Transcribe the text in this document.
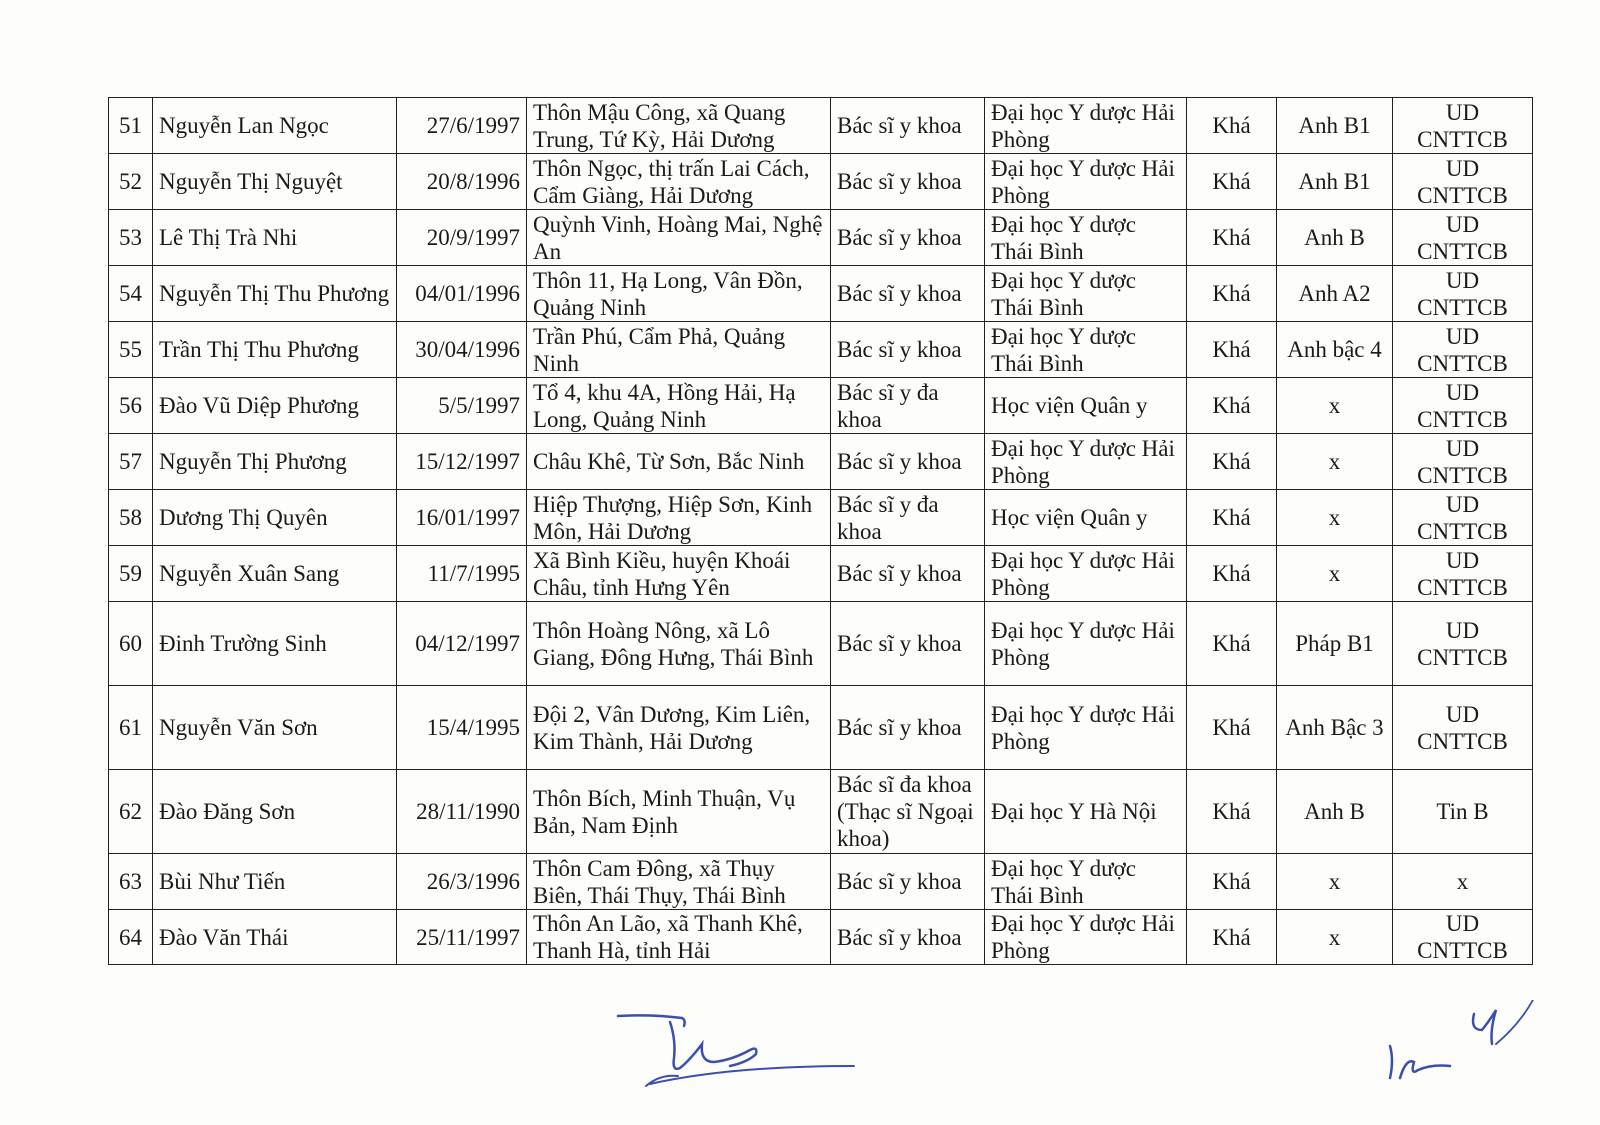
51	Nguyễn Lan Ngọc	27/6/1997	Thôn Mậu Công, xã Quang Trung, Tứ Kỳ, Hải Dương	Bác sĩ y khoa	Đại học Y dược Hải Phòng	Khá	Anh B1	UD CNTTCB
52	Nguyễn Thị Nguyệt	20/8/1996	Thôn Ngọc, thị trấn Lai Cách, Cẩm Giàng, Hải Dương	Bác sĩ y khoa	Đại học Y dược Hải Phòng	Khá	Anh B1	UD CNTTCB
53	Lê Thị Trà Nhi	20/9/1997	Quỳnh Vinh, Hoàng Mai, Nghệ An	Bác sĩ y khoa	Đại học Y dược Thái Bình	Khá	Anh B	UD CNTTCB
54	Nguyễn Thị Thu Phương	04/01/1996	Thôn 11, Hạ Long, Vân Đồn, Quảng Ninh	Bác sĩ y khoa	Đại học Y dược Thái Bình	Khá	Anh A2	UD CNTTCB
55	Trần Thị Thu Phương	30/04/1996	Trần Phú, Cẩm Phả, Quảng Ninh	Bác sĩ y khoa	Đại học Y dược Thái Bình	Khá	Anh bậc 4	UD CNTTCB
56	Đào Vũ Diệp Phương	5/5/1997	Tổ 4, khu 4A, Hồng Hải, Hạ Long, Quảng Ninh	Bác sĩ y đa khoa	Học viện Quân y	Khá	x	UD CNTTCB
57	Nguyễn Thị Phương	15/12/1997	Châu Khê, Từ Sơn, Bắc Ninh	Bác sĩ y khoa	Đại học Y dược Hải Phòng	Khá	x	UD CNTTCB
58	Dương Thị Quyên	16/01/1997	Hiệp Thượng, Hiệp Sơn, Kinh Môn, Hải Dương	Bác sĩ y đa khoa	Học viện Quân y	Khá	x	UD CNTTCB
59	Nguyễn Xuân Sang	11/7/1995	Xã Bình Kiều, huyện Khoái Châu, tỉnh Hưng Yên	Bác sĩ y khoa	Đại học Y dược Hải Phòng	Khá	x	UD CNTTCB
60	Đinh Trường Sinh	04/12/1997	Thôn Hoàng Nông, xã Lô Giang, Đông Hưng, Thái Bình	Bác sĩ y khoa	Đại học Y dược Hải Phòng	Khá	Pháp B1	UD CNTTCB
61	Nguyễn Văn Sơn	15/4/1995	Đội 2, Vân Dương, Kim Liên, Kim Thành, Hải Dương	Bác sĩ y khoa	Đại học Y dược Hải Phòng	Khá	Anh Bậc 3	UD CNTTCB
62	Đào Đăng Sơn	28/11/1990	Thôn Bích, Minh Thuận, Vụ Bản, Nam Định	Bác sĩ đa khoa (Thạc sĩ Ngoại khoa)	Đại học Y Hà Nội	Khá	Anh B	Tin B
63	Bùi Như Tiến	26/3/1996	Thôn Cam Đông, xã Thụy Biên, Thái Thụy, Thái Bình	Bác sĩ y khoa	Đại học Y dược Thái Bình	Khá	x	x
64	Đào Văn Thái	25/11/1997	Thôn An Lão, xã Thanh Khê, Thanh Hà, tỉnh Hải	Bác sĩ y khoa	Đại học Y dược Hải Phòng	Khá	x	UD CNTTCB
